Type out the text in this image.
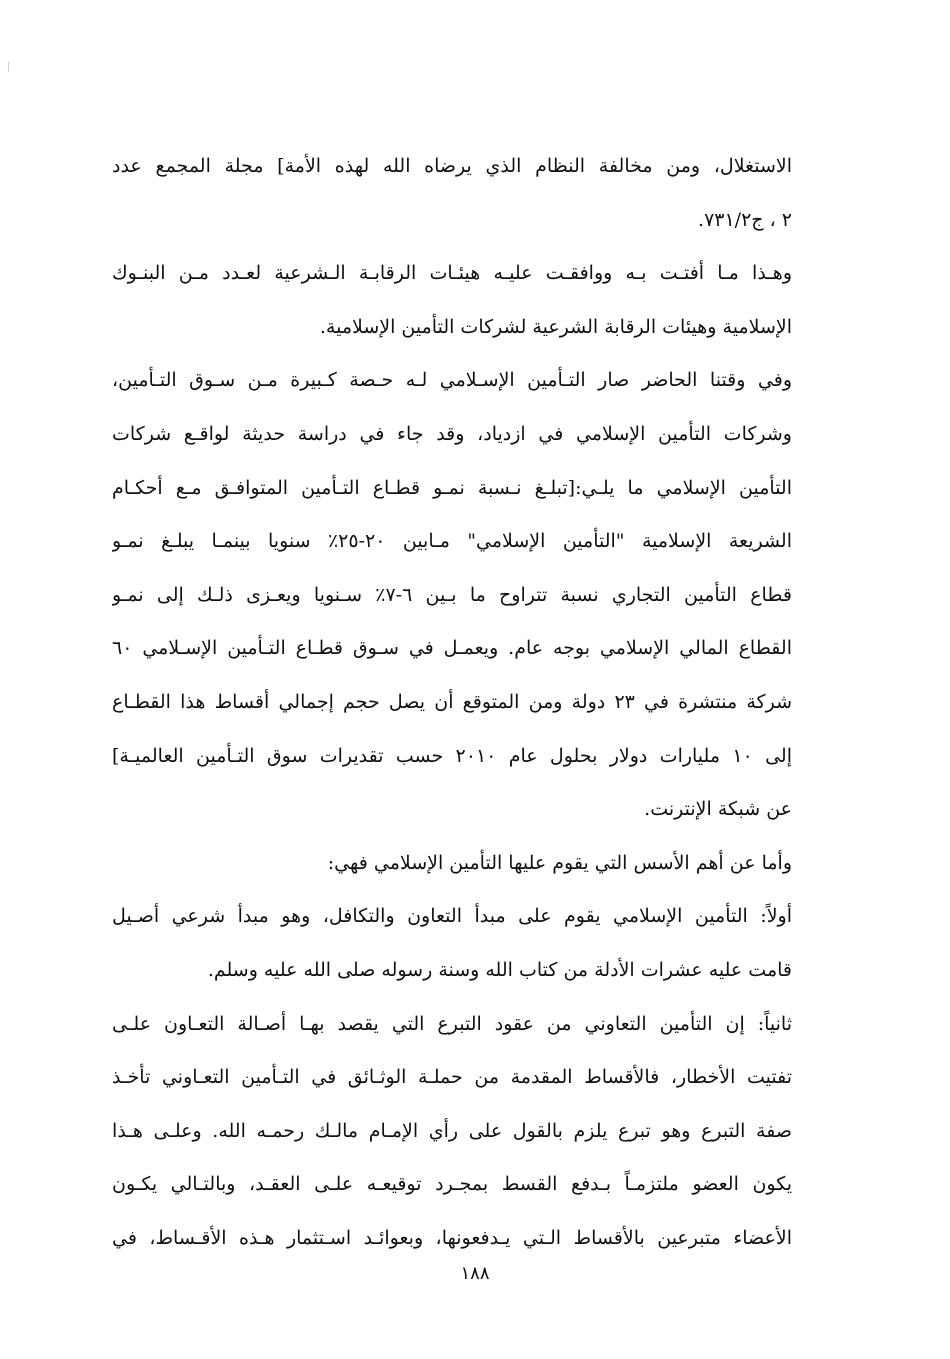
الاستغلال، ومن مخالفة النظام الذي يرضاه الله لهذه الأمة] مجلة المجمع عدد
٢ ، ج٧٣١/٢.
وهـذا مـا أفتـت بـه ووافقـت عليـه هيئـات الرقابـة الـشرعية لعـدد مـن البنـوك
الإسلامية وهيئات الرقابة الشرعية لشركات التأمين الإسلامية.
وفي وقتنا الحاضر صار التـأمين الإسـلامي لـه حـصة كـبيرة مـن سـوق التـأمين،
وشركات التأمين الإسلامي في ازدياد، وقد جاء في دراسة حديثة لواقـع شركات
التأمين الإسلامي ما يلـي:[تبلـغ نـسبة نمـو قطـاع التـأمين المتوافـق مـع أحكـام
الشريعة الإسلامية "التأمين الإسلامي" مـابين ٢٠-٢٥٪ سنويا بينمـا يبلـغ نمـو
قطاع التأمين التجاري نسبة تتراوح ما بـين ٦-٧٪ سـنويا ويعـزى ذلـك إلى نمـو
القطاع المالي الإسلامي بوجه عام. ويعمـل في سـوق قطـاع التـأمين الإسـلامي ٦٠
شركة منتشرة في ٢٣ دولة ومن المتوقع أن يصل حجم إجمالي أقساط هذا القطـاع
إلى ١٠ مليارات دولار بحلول عام ٢٠١٠ حسب تقديرات سوق التـأمين العالميـة]
عن شبكة الإنترنت.
وأما عن أهم الأسس التي يقوم عليها التأمين الإسلامي فهي:
أولاً: التأمين الإسلامي يقوم على مبدأ التعاون والتكافل، وهو مبدأ شرعي أصـيل
قامت عليه عشرات الأدلة من كتاب الله وسنة رسوله صلى الله عليه وسلم.
ثانياً: إن التأمين التعاوني من عقود التبرع التي يقصد بهـا أصـالة التعـاون علـى
تفتيت الأخطار، فالأقساط المقدمة من حملـة الوثـائق في التـأمين التعـاوني تأخـذ
صفة التبرع وهو تبرع يلزم بالقول على رأي الإمـام مالـك رحمـه الله. وعلـى هـذا
يكون العضو ملتزمـاً بـدفع القسط بمجـرد توقيعـه علـى العقـد، وبالتـالي يكـون
الأعضاء متبرعين بالأقساط الـتي يـدفعونها، وبعوائـد اسـتثمار هـذه الأقـساط، في
١٨٨
